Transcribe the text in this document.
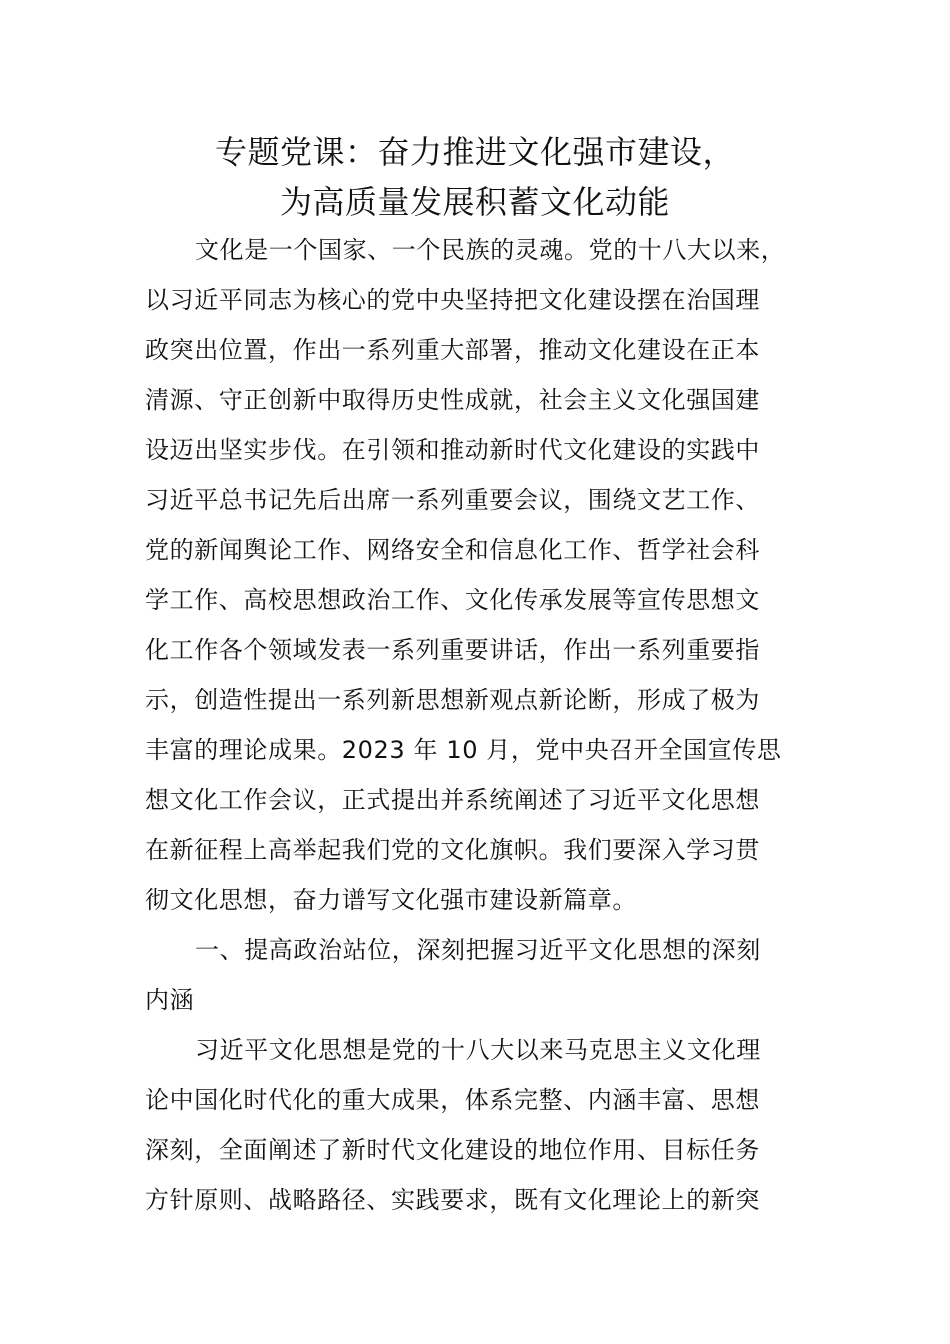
专题党课：奋力推进文化强市建设，
为高质量发展积蓄文化动能
文化是一个国家、一个民族的灵魂。党的十八大以来，
以习近平同志为核心的党中央坚持把文化建设摆在治国理
政突出位置，作出一系列重大部署，推动文化建设在正本
清源、守正创新中取得历史性成就，社会主义文化强国建
设迈出坚实步伐。在引领和推动新时代文化建设的实践中
习近平总书记先后出席一系列重要会议，围绕文艺工作、
党的新闻舆论工作、网络安全和信息化工作、哲学社会科
学工作、高校思想政治工作、文化传承发展等宣传思想文
化工作各个领域发表一系列重要讲话，作出一系列重要指
示，创造性提出一系列新思想新观点新论断，形成了极为
丰富的理论成果。2023 年 10 月，党中央召开全国宣传思
想文化工作会议，正式提出并系统阐述了习近平文化思想
在新征程上高举起我们党的文化旗帜。我们要深入学习贯
彻文化思想，奋力谱写文化强市建设新篇章。
一、提高政治站位，深刻把握习近平文化思想的深刻
内涵
习近平文化思想是党的十八大以来马克思主义文化理
论中国化时代化的重大成果，体系完整、内涵丰富、思想
深刻，全面阐述了新时代文化建设的地位作用、目标任务
方针原则、战略路径、实践要求，既有文化理论上的新突
